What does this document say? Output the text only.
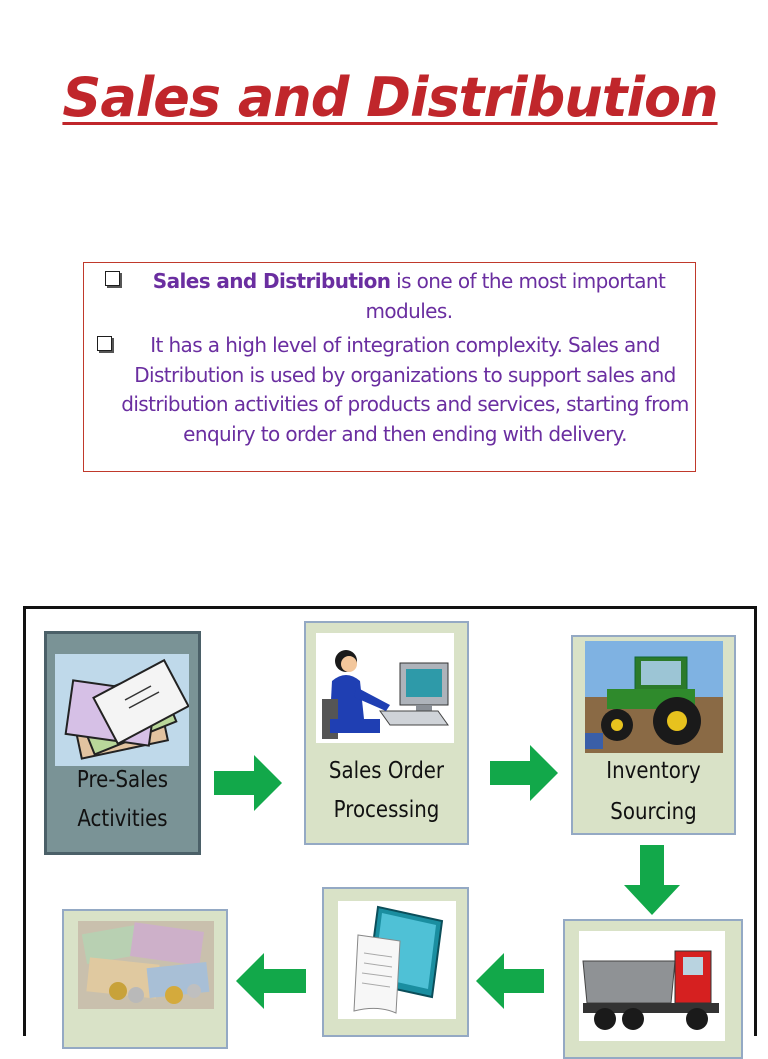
Sales and Distribution
Sales and Distribution is one of the most important modules.
It has a high level of integration complexity. Sales and Distribution is used by organizations to support sales and distribution activities of products and services, starting from enquiry to order and then ending with delivery.
Pre-Sales
Activities
Sales Order
Processing
Inventory
Sourcing
